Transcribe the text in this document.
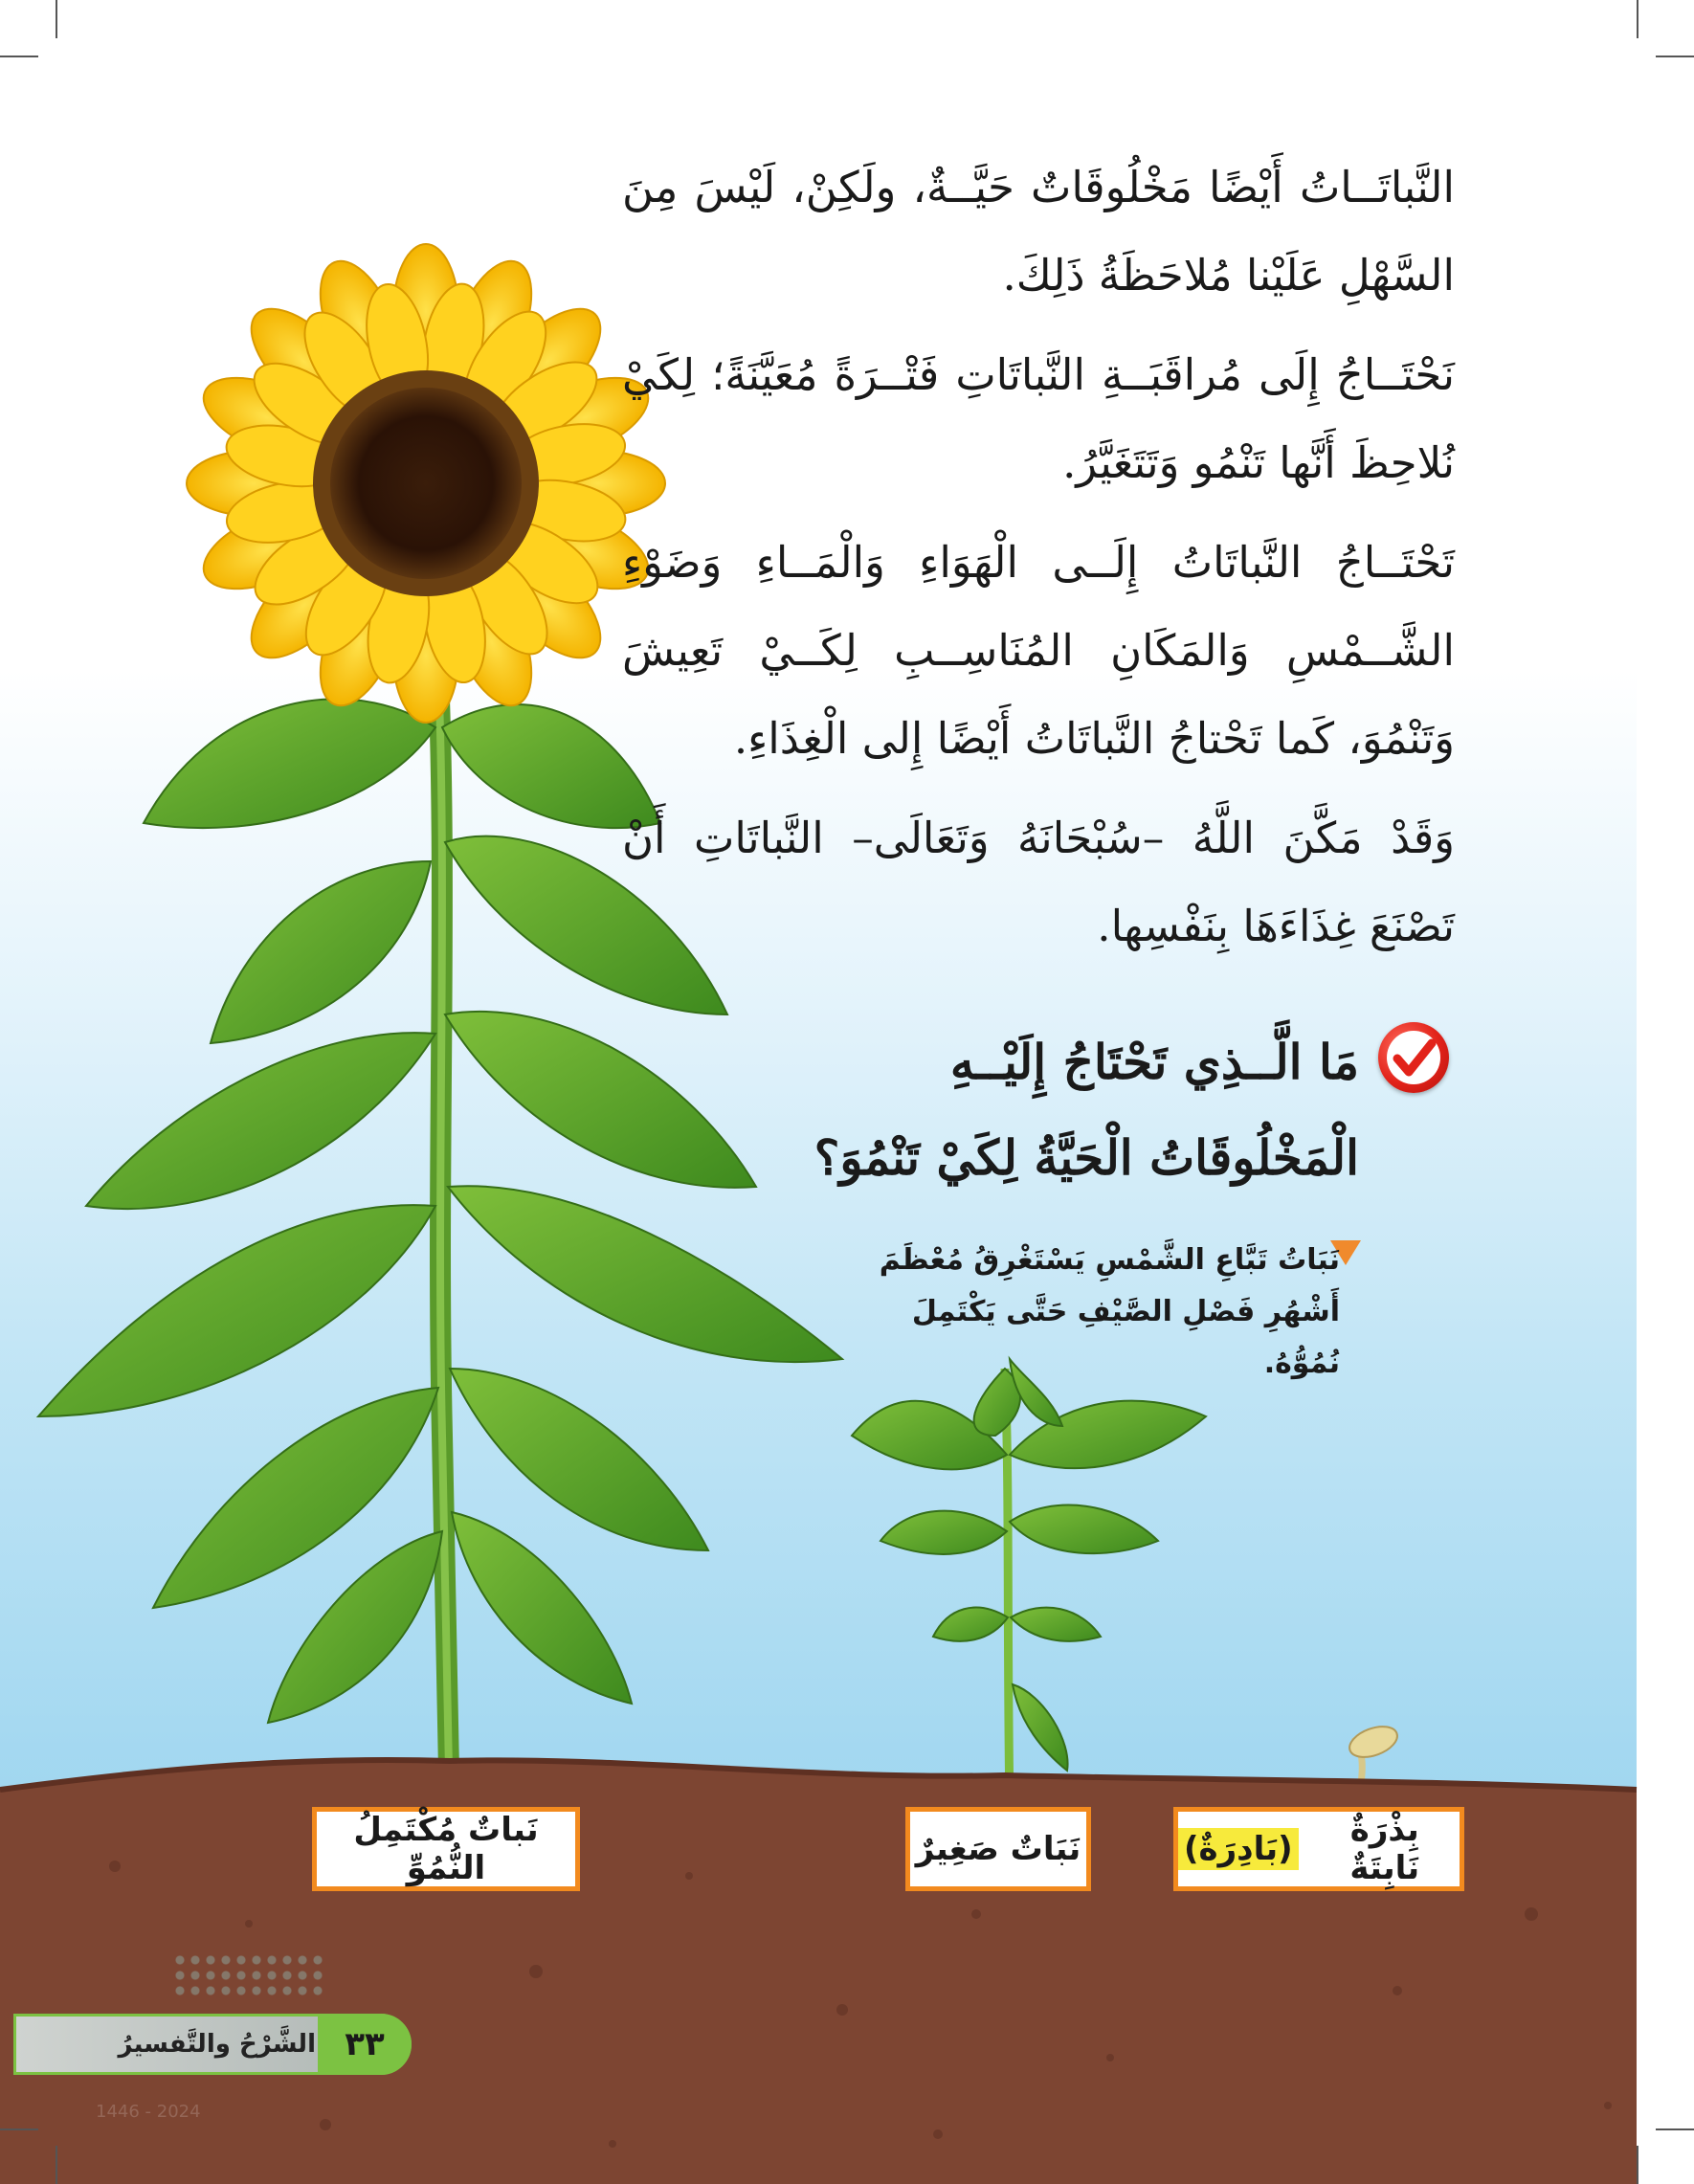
النَّباتَــاتُ أَيْضًا مَخْلُوقَاتٌ حَيَّــةٌ، ولَكِنْ، لَيْسَ مِنَ السَّهْلِ عَلَيْنا مُلاحَظَةُ ذَلِكَ.

نَحْتَــاجُ إِلَى مُراقَبَــةِ النَّباتَاتِ فَتْــرَةً مُعَيَّنَةً؛ لِكَيْ نُلاحِظَ أَنَّها تَنْمُو وَتَتَغَيَّرُ.

تَحْتَــاجُ النَّباتَاتُ إِلَــى الْهَوَاءِ وَالْمَــاءِ وَضَوْءِ الشَّــمْسِ وَالمَكَانِ المُنَاسِــبِ لِكَــيْ تَعِيشَ وَتَنْمُوَ، كَما تَحْتاجُ النَّباتَاتُ أَيْضًا إِلى الْغِذَاءِ.

وَقَدْ مَكَّنَ اللَّهُ –سُبْحَانَهُ وَتَعَالَى– النَّباتَاتِ أَنْ تَصْنَعَ غِذَاءَهَا بِنَفْسِها.

مَا الَّــذِي تَحْتَاجُ إِلَيْــهِ الْمَخْلُوقَاتُ الْحَيَّةُ لِكَيْ تَنْمُوَ؟
نَبَاتُ تَبَّاعِ الشَّمْسِ يَسْتَغْرِقُ مُعْظَمَ أَشْهُرِ فَصْلِ الصَّيْفِ حَتَّى يَكْتَمِلَ نُمُوُّهُ.
بِذْرَةٌ نَابِتَةٌ

(بَادِرَةٌ)
نَبَاتٌ صَغِيرٌ
نَباتٌ مُكْتَمِلُ النُّمُوِّ
الشَّرْحُ والتَّفسيرُ ٣٣
1446 - 2024
